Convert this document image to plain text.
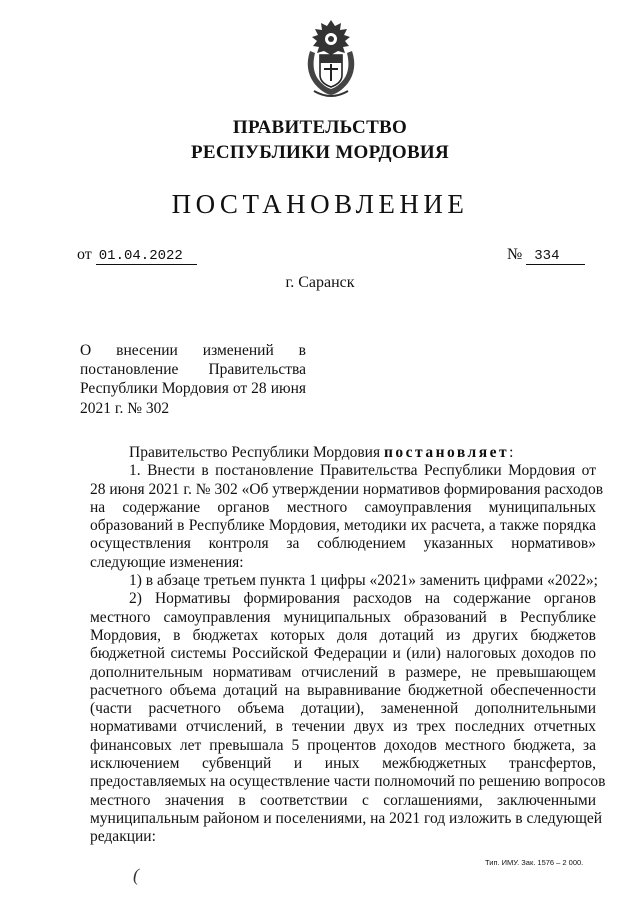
ПРАВИТЕЛЬСТВО
РЕСПУБЛИКИ МОРДОВИЯ
ПОСТАНОВЛЕНИЕ
от 01.04.2022	№ 334
г. Саранск
О внесении изменений в постановление Правительства Республики Мордовия от 28 июня 2021 г. № 302
Правительство Республики Мордовия постановляет:
1. Внести в постановление Правительства Республики Мордовия от
28 июня 2021 г. № 302 «Об утверждении нормативов формирования расходов
на содержание органов местного самоуправления муниципальных
образований в Республике Мордовия, методики их расчета, а также порядка
осуществления контроля за соблюдением указанных нормативов»
следующие изменения:
1) в абзаце третьем пункта 1 цифры «2021» заменить цифрами «2022»;
2) Нормативы формирования расходов на содержание органов
местного самоуправления муниципальных образований в Республике
Мордовия, в бюджетах которых доля дотаций из других бюджетов
бюджетной системы Российской Федерации и (или) налоговых доходов по
дополнительным нормативам отчислений в размере, не превышающем
расчетного объема дотаций на выравнивание бюджетной обеспеченности
(части расчетного объема дотации), замененной дополнительными
нормативами отчислений, в течении двух из трех последних отчетных
финансовых лет превышала 5 процентов доходов местного бюджета, за
исключением субвенций и иных межбюджетных трансфертов,
предоставляемых на осуществление части полномочий по решению вопросов
местного значения в соответствии с соглашениями, заключенными
муниципальным районом и поселениями, на 2021 год изложить в следующей
редакции:
(
Тип. ИМУ. Зак. 1576 – 2 000.
